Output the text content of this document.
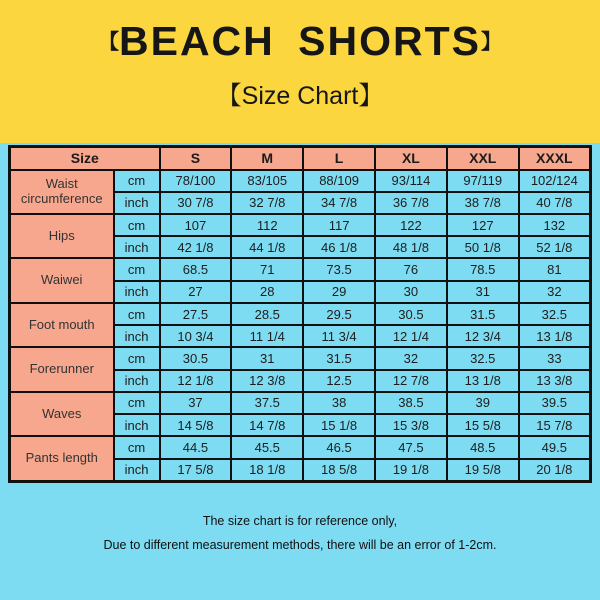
【BEACH SHORTS】
【Size Chart】
Size		S	M	L	XL	XXL	XXXL
Waist circumference	cm	78/100	83/105	88/109	93/114	97/119	102/124
	inch	30 7/8	32 7/8	34 7/8	36 7/8	38 7/8	40 7/8
Hips	cm	107	112	117	122	127	132
	inch	42 1/8	44 1/8	46 1/8	48 1/8	50 1/8	52 1/8
Waiwei	cm	68.5	71	73.5	76	78.5	81
	inch	27	28	29	30	31	32
Foot mouth	cm	27.5	28.5	29.5	30.5	31.5	32.5
	inch	10 3/4	11 1/4	11 3/4	12 1/4	12 3/4	13 1/8
Forerunner	cm	30.5	31	31.5	32	32.5	33
	inch	12 1/8	12 3/8	12.5	12 7/8	13 1/8	13 3/8
Waves	cm	37	37.5	38	38.5	39	39.5
	inch	14 5/8	14 7/8	15 1/8	15 3/8	15 5/8	15 7/8
Pants length	cm	44.5	45.5	46.5	47.5	48.5	49.5
	inch	17 5/8	18 1/8	18 5/8	19 1/8	19 5/8	20 1/8

The size chart is for reference only,

Due to different measurement methods, there will be an error of 1-2cm.
